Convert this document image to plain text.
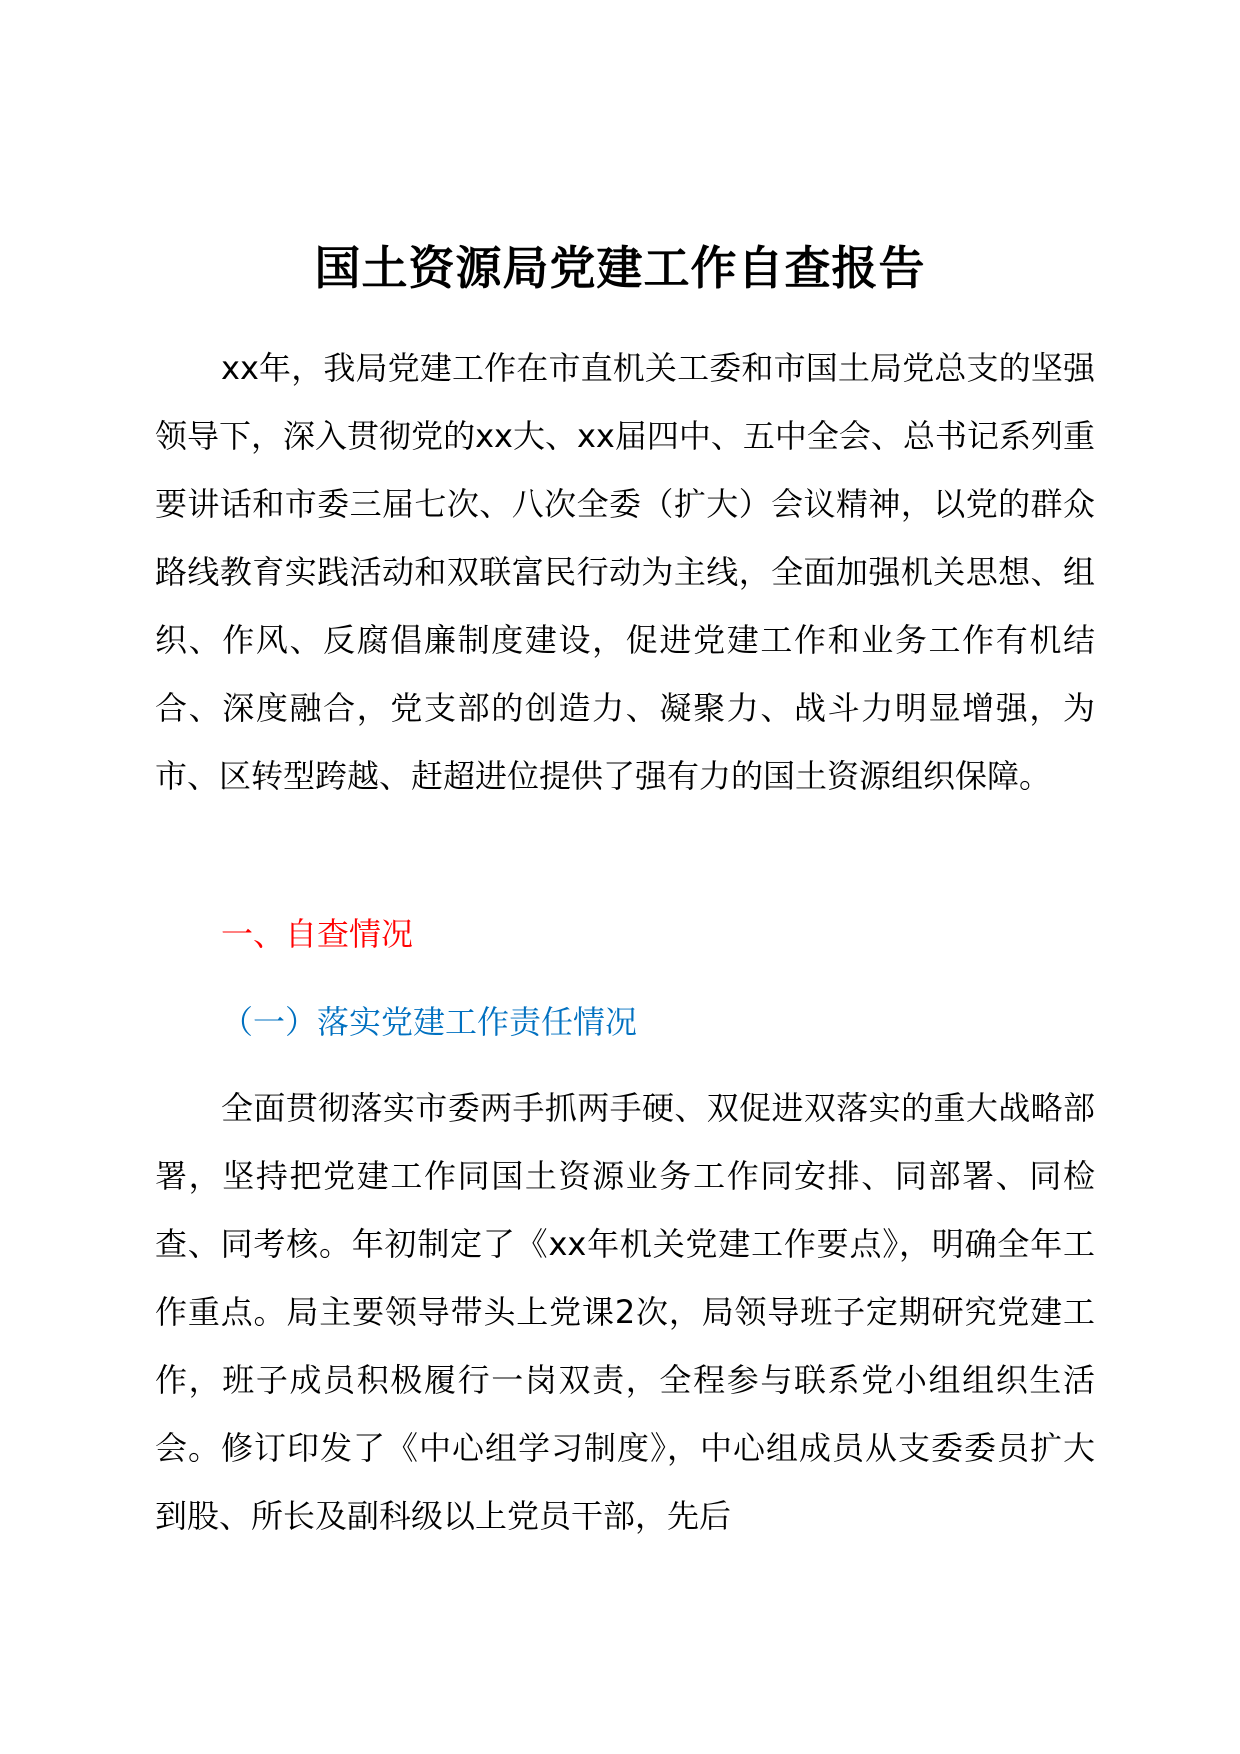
国土资源局党建工作自查报告

xx年，我局党建工作在市直机关工委和市国土局党总支的坚强领导下，深入贯彻党的xx大、xx届四中、五中全会、总书记系列重要讲话和市委三届七次、八次全委（扩大）会议精神，以党的群众路线教育实践活动和双联富民行动为主线，全面加强机关思想、组织、作风、反腐倡廉制度建设，促进党建工作和业务工作有机结合、深度融合，党支部的创造力、凝聚力、战斗力明显增强，为市、区转型跨越、赶超进位提供了强有力的国土资源组织保障。

一、自查情况
（一）落实党建工作责任情况

全面贯彻落实市委两手抓两手硬、双促进双落实的重大战略部署，坚持把党建工作同国土资源业务工作同安排、同部署、同检查、同考核。年初制定了《xx年机关党建工作要点》，明确全年工作重点。局主要领导带头上党课2次，局领导班子定期研究党建工作，班子成员积极履行一岗双责，全程参与联系党小组组织生活会。修订印发了《中心组学习制度》，中心组成员从支委委员扩大到股、所长及副科级以上党员干部，先后
